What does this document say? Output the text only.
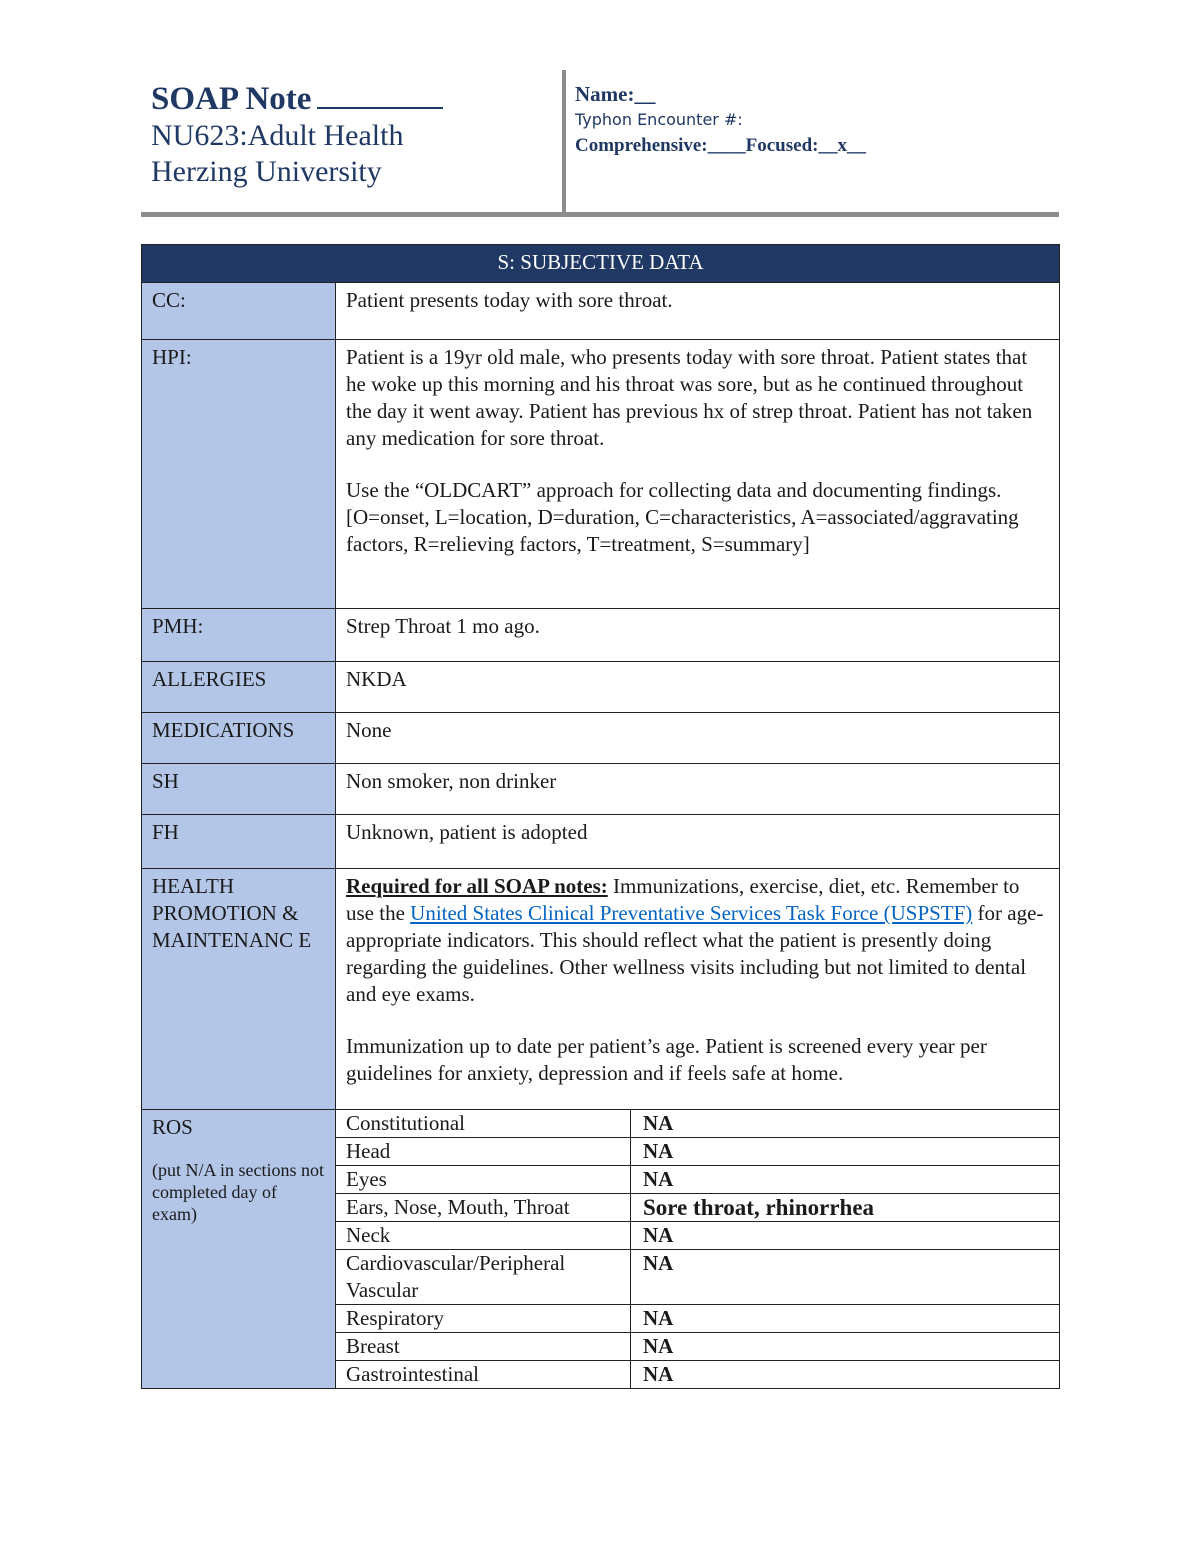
SOAP Note
NU623:Adult Health
Herzing University
Name:__
Typhon Encounter #:
Comprehensive:____Focused:__x__
S: SUBJECTIVE DATA		
CC:	Patient presents today with sore throat.	
HPI:	Patient is a 19yr old male, who presents today with sore throat. Patient states that he woke up this morning and his throat was sore, but as he continued throughout the day it went away. Patient has previous hx of strep throat. Patient has not taken any medication for sore throat.
Use the “OLDCART” approach for collecting data and documenting findings. [O=onset, L=location, D=duration, C=characteristics, A=associated/aggravating factors, R=relieving factors, T=treatment, S=summary]	

PMH:	Strep Throat 1 mo ago.	
ALLERGIES	NKDA	
MEDICATIONS	None	
SH	Non smoker, non drinker	
FH	Unknown, patient is adopted	
HEALTH PROMOTION & MAINTENANC E	Required for all SOAP notes: Immunizations, exercise, diet, etc. Remember to use the United States Clinical Preventative Services Task Force (USPSTF) for age-appropriate indicators. This should reflect what the patient is presently doing regarding the guidelines. Other wellness visits including but not limited to dental and eye exams.
Immunization up to date per patient’s age. Patient is screened every year per guidelines for anxiety, depression and if feels safe at home.	

ROS
(put N/A in sections not completed day of exam)	Constitutional	NA
	Head	NA
	Eyes	NA
	Ears, Nose, Mouth, Throat	Sore throat, rhinorrhea
	Neck	NA
	Cardiovascular/Peripheral Vascular	NA
	Respiratory	NA
	Breast	NA
	Gastrointestinal	NA
